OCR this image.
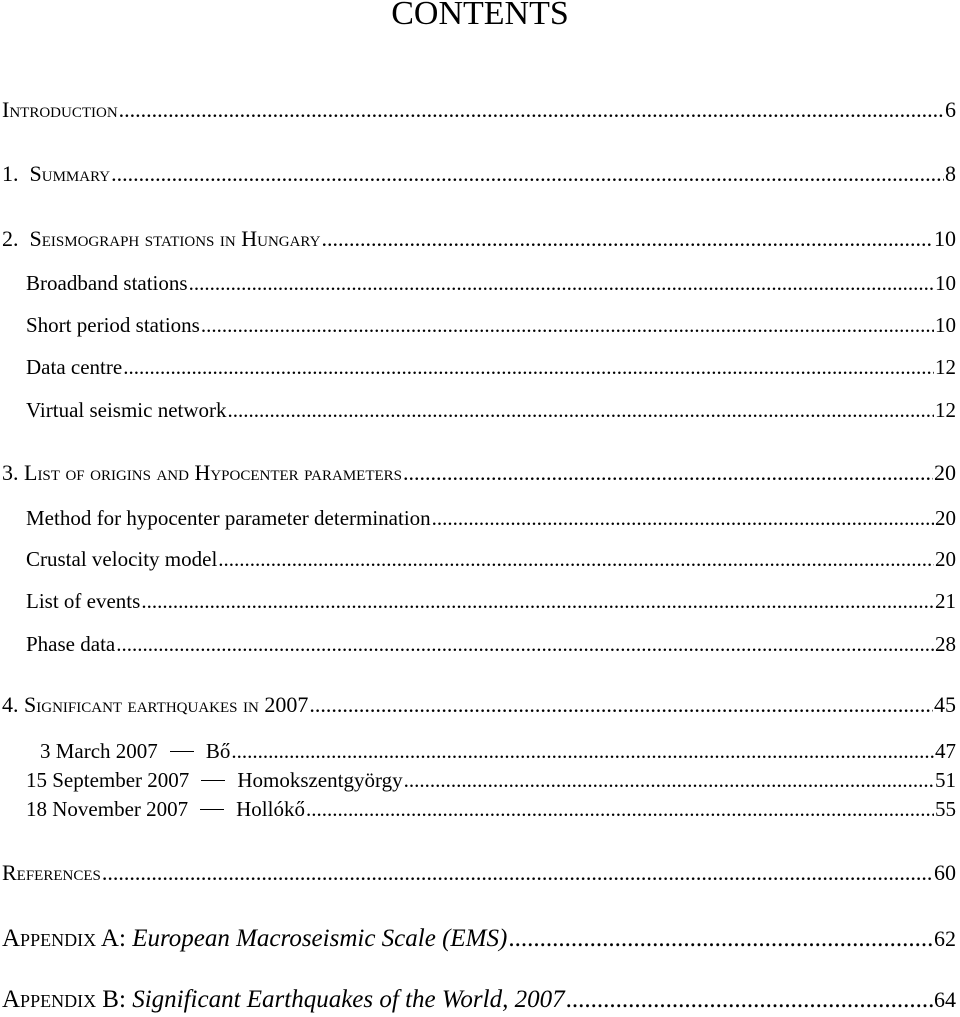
CONTENTS
Introduction .....	6
1. Summary .....	8
2. Seismograph stations in Hungary .....	10
Broadband stations .....	10
Short period stations .....	10
Data centre .....	12
Virtual seismic network .....	12
3. List of origins and Hypocenter parameters .....	20
Method for hypocenter parameter determination .....	20
Crustal velocity model .....	20
List of events .....	21
Phase data .....	28
4. Significant earthquakes in 2007 .....	45
3 March 2007 Bő .....	47
15 September 2007 Homokszentgyörgy .....	51
18 November 2007 Hollókő .....	55
References .....	60
Appendix A: European Macroseismic Scale (EMS) .....	62
Appendix B: Significant Earthquakes of the World, 2007 .....	64
